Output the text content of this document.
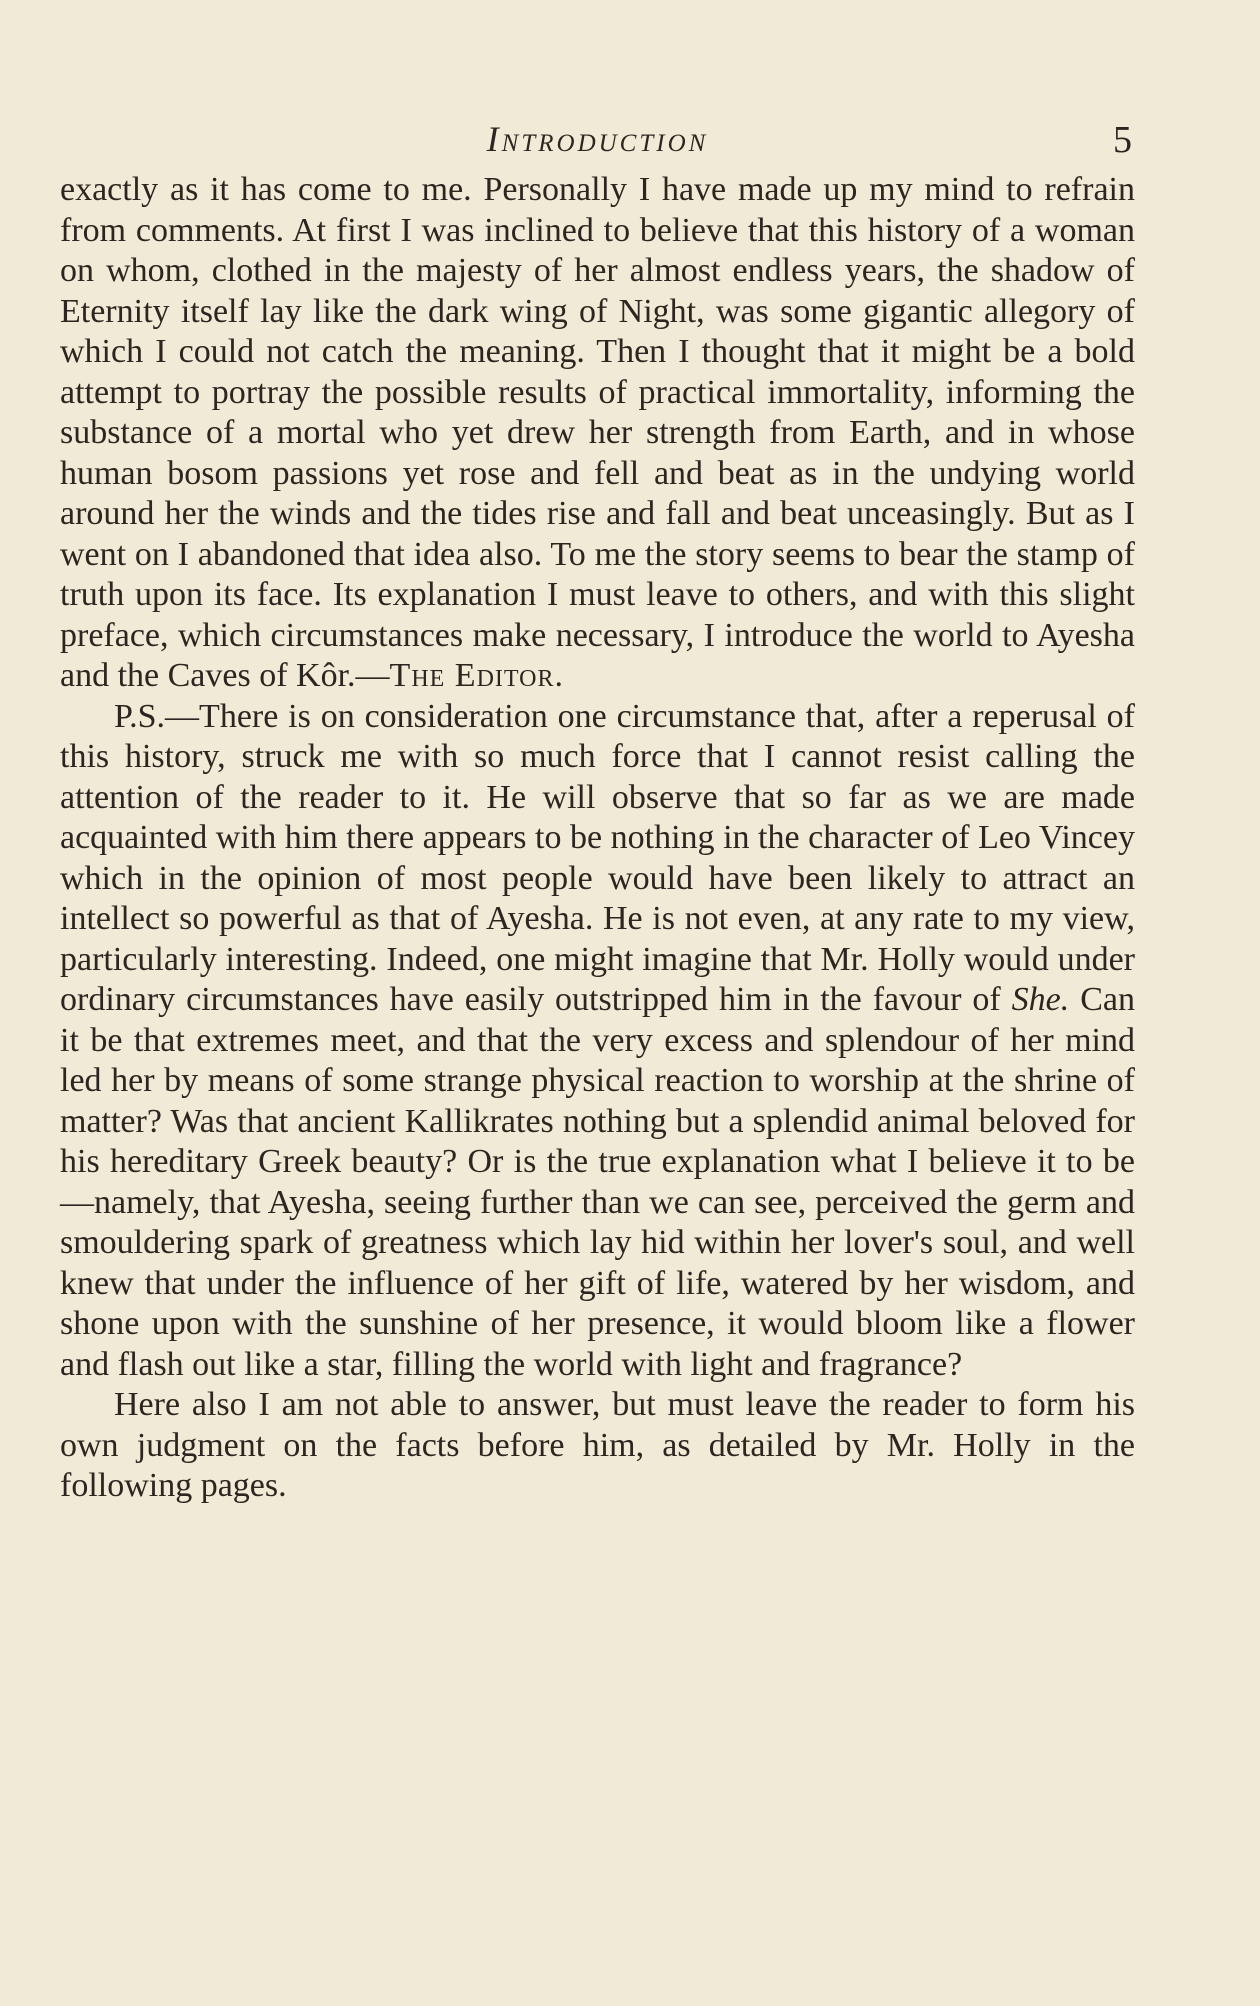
Introduction	5

exactly as it has come to me. Personally I have made up my mind to refrain from comments. At first I was inclined to believe that this history of a woman on whom, clothed in the majesty of her almost endless years, the shadow of Eternity itself lay like the dark wing of Night, was some gigantic allegory of which I could not catch the meaning. Then I thought that it might be a bold attempt to portray the possible results of practical immortality, informing the substance of a mortal who yet drew her strength from Earth, and in whose human bosom passions yet rose and fell and beat as in the undying world around her the winds and the tides rise and fall and beat unceasingly. But as I went on I abandoned that idea also. To me the story seems to bear the stamp of truth upon its face. Its explanation I must leave to others, and with this slight preface, which circumstances make necessary, I introduce the world to Ayesha and the Caves of Kôr.—The Editor.

P.S.—There is on consideration one circumstance that, after a reperusal of this history, struck me with so much force that I cannot resist calling the attention of the reader to it. He will observe that so far as we are made acquainted with him there appears to be nothing in the character of Leo Vincey which in the opinion of most people would have been likely to attract an intellect so powerful as that of Ayesha. He is not even, at any rate to my view, particularly interesting. Indeed, one might imagine that Mr. Holly would under ordinary circumstances have easily outstripped him in the favour of She. Can it be that extremes meet, and that the very excess and splendour of her mind led her by means of some strange physical reaction to worship at the shrine of matter? Was that ancient Kallikrates nothing but a splendid animal beloved for his hereditary Greek beauty? Or is the true explanation what I believe it to be—namely, that Ayesha, seeing further than we can see, perceived the germ and smouldering spark of greatness which lay hid within her lover's soul, and well knew that under the influence of her gift of life, watered by her wisdom, and shone upon with the sunshine of her presence, it would bloom like a flower and flash out like a star, filling the world with light and fragrance?

Here also I am not able to answer, but must leave the reader to form his own judgment on the facts before him, as detailed by Mr. Holly in the following pages.
